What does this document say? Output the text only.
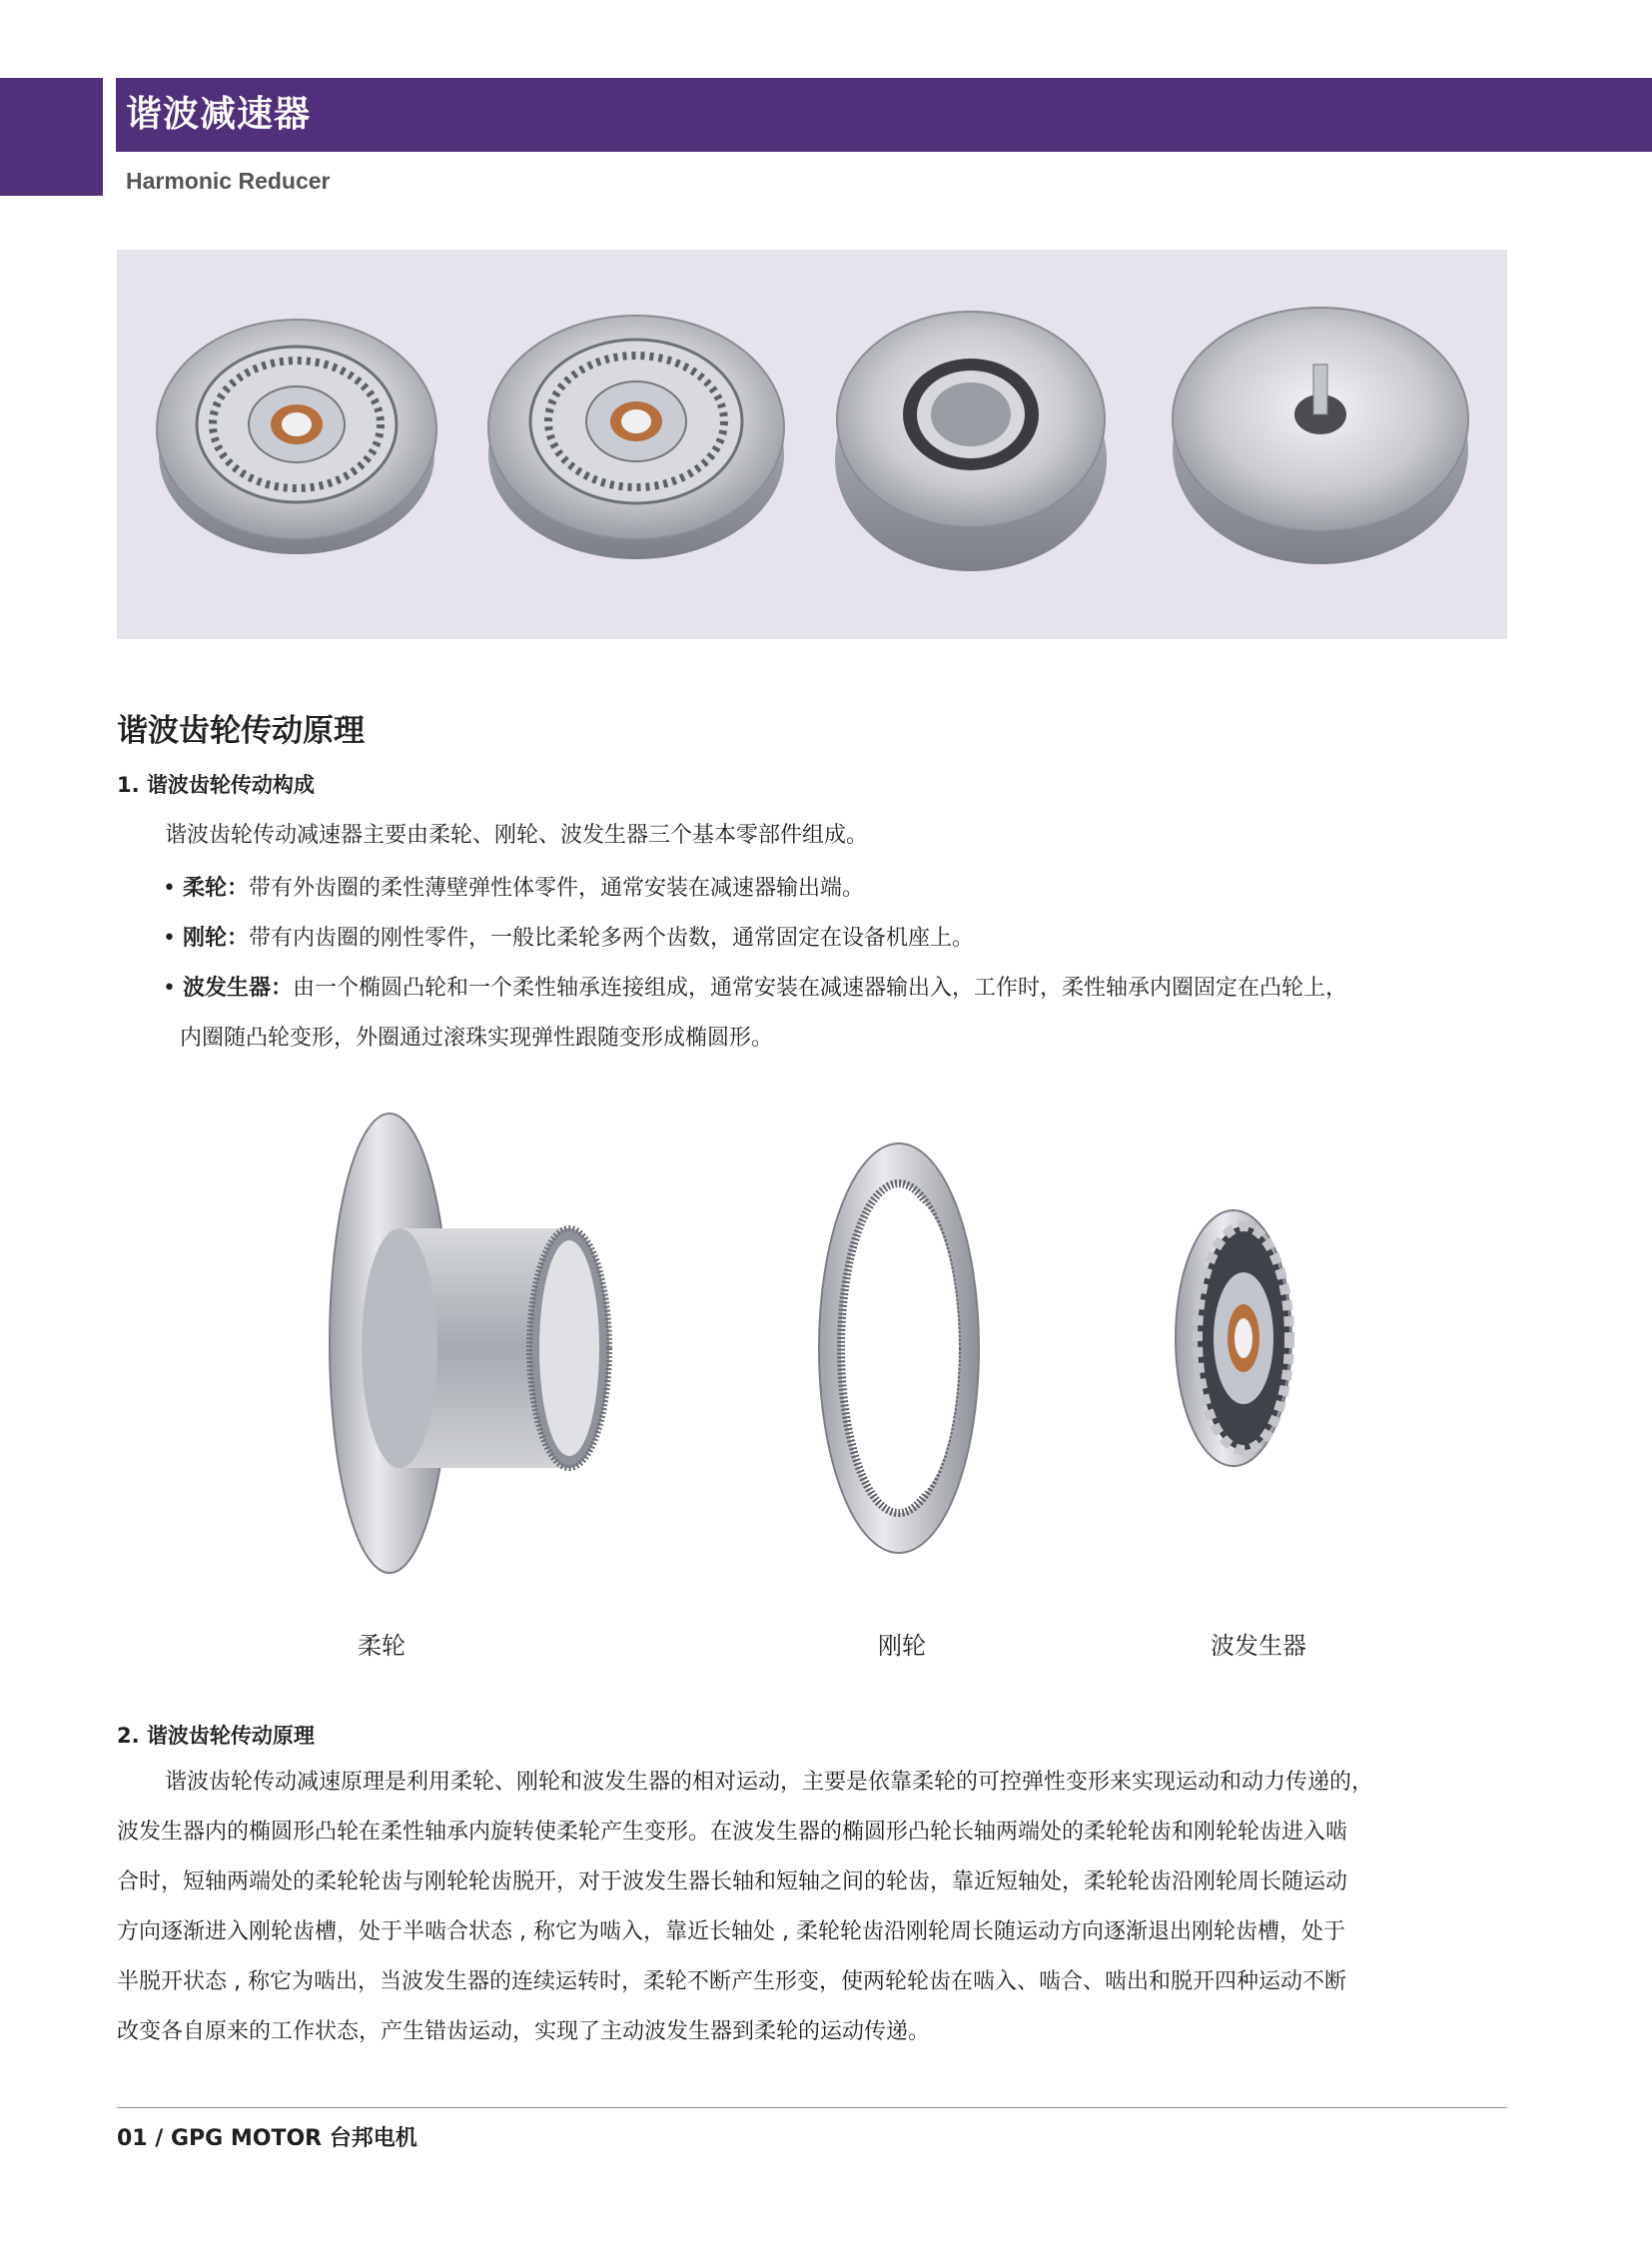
谐波减速器
Harmonic Reducer
谐波齿轮传动原理
1. 谐波齿轮传动构成
谐波齿轮传动减速器主要由柔轮、刚轮、波发生器三个基本零部件组成。
• 柔轮：带有外齿圈的柔性薄壁弹性体零件，通常安装在减速器输出端。
• 刚轮：带有内齿圈的刚性零件，一般比柔轮多两个齿数，通常固定在设备机座上。
• 波发生器：由一个椭圆凸轮和一个柔性轴承连接组成，通常安装在减速器输出入，工作时，柔性轴承内圈固定在凸轮上，
内圈随凸轮变形，外圈通过滚珠实现弹性跟随变形成椭圆形。
柔轮	刚轮	波发生器
2. 谐波齿轮传动原理
谐波齿轮传动减速原理是利用柔轮、刚轮和波发生器的相对运动，主要是依靠柔轮的可控弹性变形来实现运动和动力传递的，
波发生器内的椭圆形凸轮在柔性轴承内旋转使柔轮产生变形。在波发生器的椭圆形凸轮长轴两端处的柔轮轮齿和刚轮轮齿进入啮
合时，短轴两端处的柔轮轮齿与刚轮轮齿脱开，对于波发生器长轴和短轴之间的轮齿，靠近短轴处，柔轮轮齿沿刚轮周长随运动
方向逐渐进入刚轮齿槽，处于半啮合状态 , 称它为啮入，靠近长轴处 , 柔轮轮齿沿刚轮周长随运动方向逐渐退出刚轮齿槽，处于
半脱开状态 , 称它为啮出，当波发生器的连续运转时，柔轮不断产生形变，使两轮轮齿在啮入、啮合、啮出和脱开四种运动不断
改变各自原来的工作状态，产生错齿运动，实现了主动波发生器到柔轮的运动传递。
01 / GPG MOTOR 台邦电机
